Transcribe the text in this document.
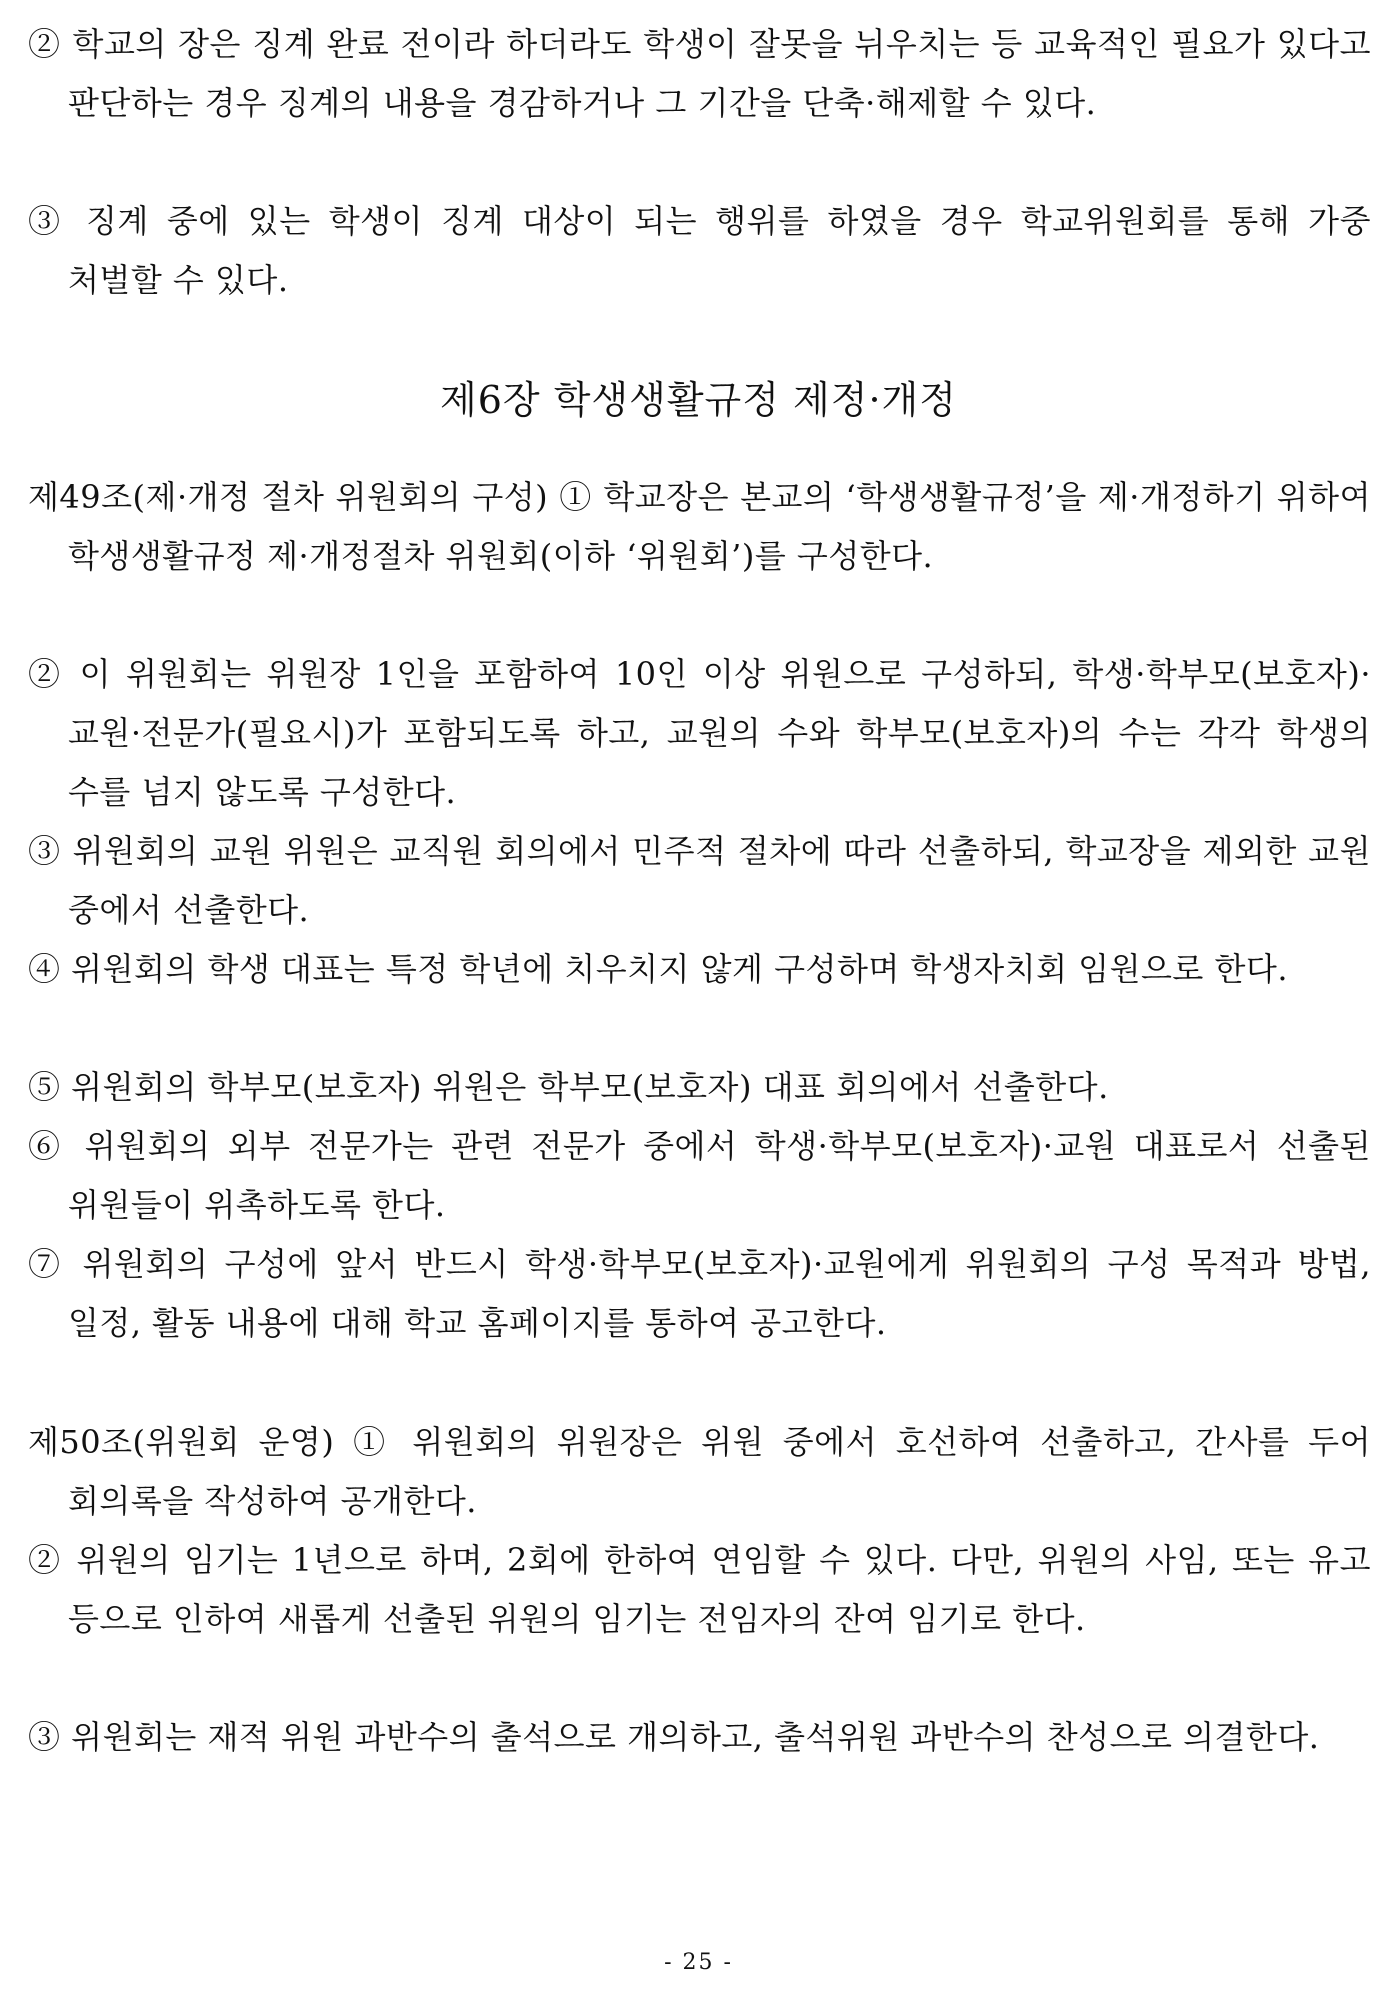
② 학교의 장은 징계 완료 전이라 하더라도 학생이 잘못을 뉘우치는 등 교육적인 필요가 있다고 판단하는 경우 징계의 내용을 경감하거나 그 기간을 단축·해제할 수 있다.

③ 징계 중에 있는 학생이 징계 대상이 되는 행위를 하였을 경우 학교위원회를 통해 가중 처벌할 수 있다.

제6장 학생생활규정 제정·개정

제49조(제·개정 절차 위원회의 구성) ① 학교장은 본교의 ‘학생생활규정’을 제·개정하기 위하여 학생생활규정 제·개정절차 위원회(이하 ‘위원회’)를 구성한다.

② 이 위원회는 위원장 1인을 포함하여 10인 이상 위원으로 구성하되, 학생·학부모(보호자)·교원·전문가(필요시)가 포함되도록 하고, 교원의 수와 학부모(보호자)의 수는 각각 학생의 수를 넘지 않도록 구성한다.

③ 위원회의 교원 위원은 교직원 회의에서 민주적 절차에 따라 선출하되, 학교장을 제외한 교원 중에서 선출한다.

④ 위원회의 학생 대표는 특정 학년에 치우치지 않게 구성하며 학생자치회 임원으로 한다.

⑤ 위원회의 학부모(보호자) 위원은 학부모(보호자) 대표 회의에서 선출한다.

⑥ 위원회의 외부 전문가는 관련 전문가 중에서 학생·학부모(보호자)·교원 대표로서 선출된 위원들이 위촉하도록 한다.

⑦ 위원회의 구성에 앞서 반드시 학생·학부모(보호자)·교원에게 위원회의 구성 목적과 방법, 일정, 활동 내용에 대해 학교 홈페이지를 통하여 공고한다.

제50조(위원회 운영) ① 위원회의 위원장은 위원 중에서 호선하여 선출하고, 간사를 두어 회의록을 작성하여 공개한다.

② 위원의 임기는 1년으로 하며, 2회에 한하여 연임할 수 있다. 다만, 위원의 사임, 또는 유고 등으로 인하여 새롭게 선출된 위원의 임기는 전임자의 잔여 임기로 한다.

③ 위원회는 재적 위원 과반수의 출석으로 개의하고, 출석위원 과반수의 찬성으로 의결한다.

- 25 -
